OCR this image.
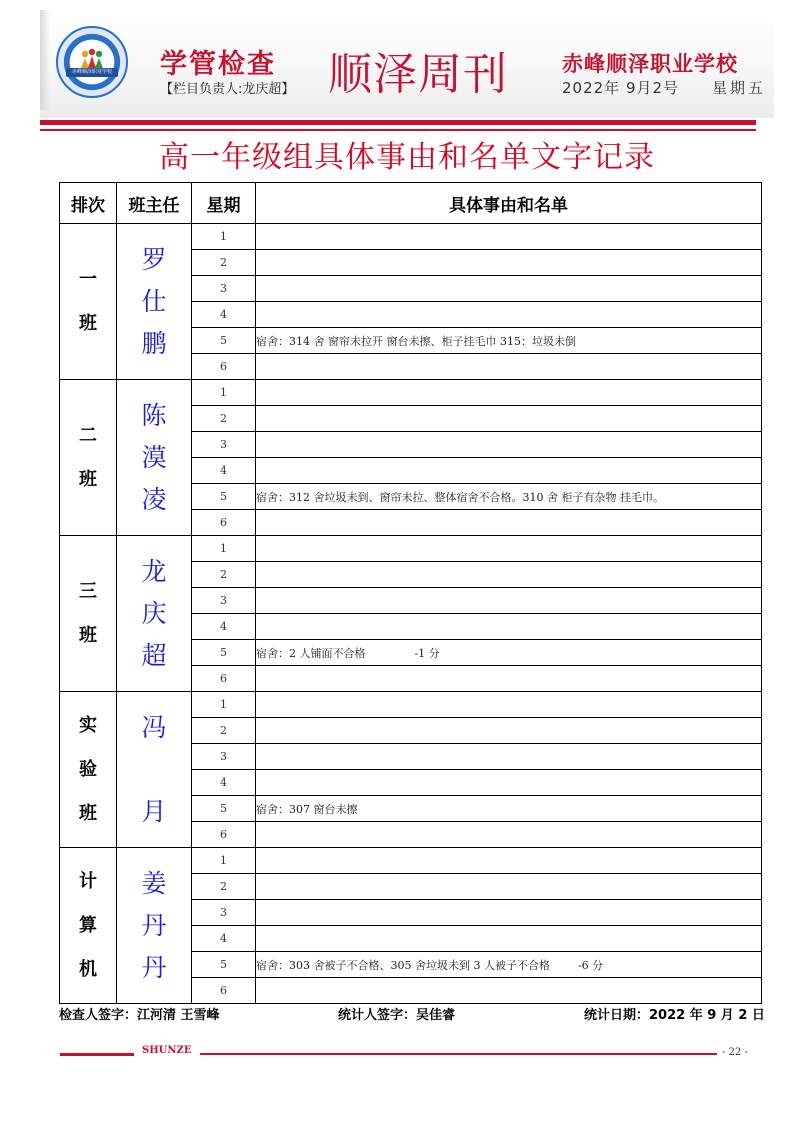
赤峰顺泽职业学校 学管检查
【栏目负责人:龙庆超】 顺泽周刊	赤峰顺泽职业学校
2022年 9月2号 星期五
高一年级组具体事由和名单文字记录
排次	班主任	星期	具体事由和名单

一
班	罗
仕
鹏	1	
		2	
		3	
		4	
		5	宿舍：314 舍 窗帘未拉开 窗台未擦、柜子挂毛巾 315：垃圾未倒
		6	

二
班	陈
漠
凌	1	
		2	
		3	
		4	
		5	宿舍：312 舍垃圾未到、窗帘未拉、整体宿舍不合格。310 舍 柜子有杂物 挂毛巾。
		6	

三
班	龙
庆
超	1	
		2	
		3	
		4	
		5	宿舍：2 人铺面不合格              -1 分
		6	

实
验
班	冯

月	1	
		2	
		3	
		4	
		5	宿舍：307 窗台未擦
		6	

计
算
机	姜
丹
丹	1	
		2	
		3	
		4	
		5	宿舍：303 舍被子不合格、305 舍垃圾未到 3 人被子不合格        -6 分
		6	
检查人签字：江河清 王雪峰	统计人签字：吴佳睿	统计日期：2022 年 9 月 2 日
SHUNZE	- 22 -
